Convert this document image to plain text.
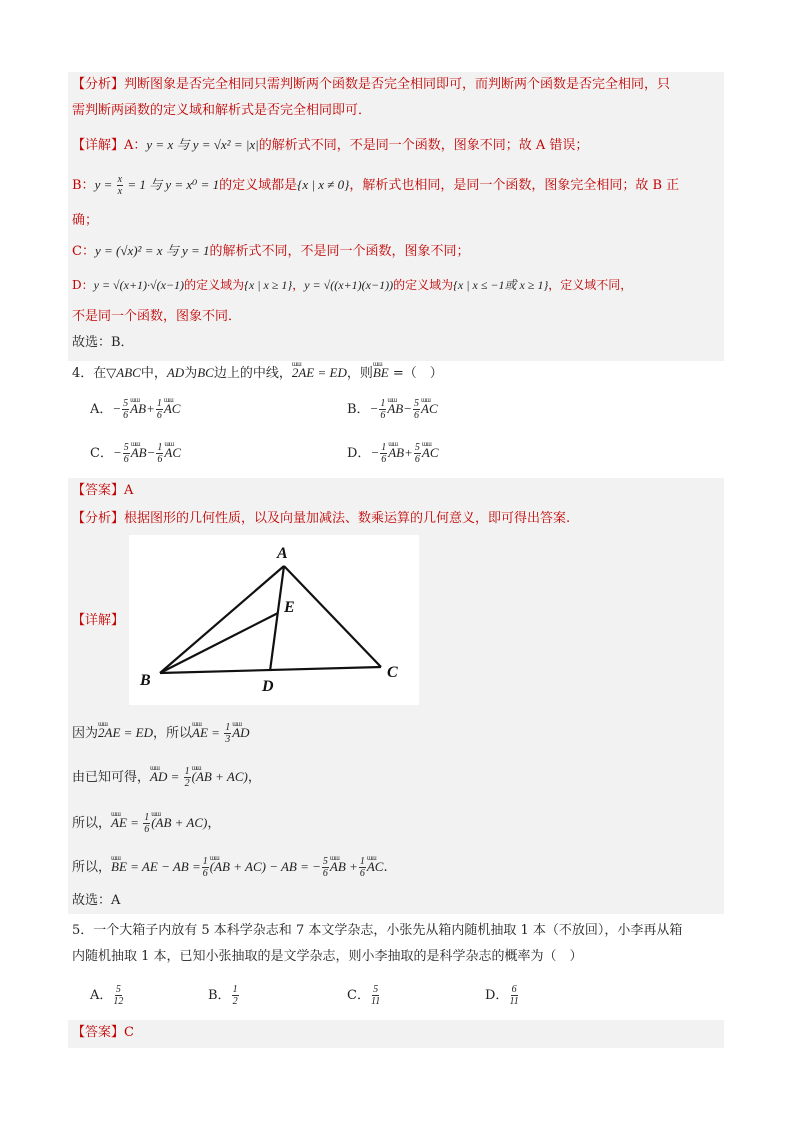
【分析】判断图象是否完全相同只需判断两个函数是否完全相同即可，而判断两个函数是否完全相同，只
需判断两函数的定义域和解析式是否完全相同即可．
【详解】A：y = x 与 y = √x² = |x|的解析式不同，不是同一个函数，图象不同；故 A 错误；
B：$y = \frac{x}{x} = 1$ 与 y = x⁰ = 1的定义域都是{x | x ≠ 0}，解析式也相同，是同一个函数，图象完全相同；故 B 正
确；
C：y = (√x)² = x 与 y = 1的解析式不同，不是同一个函数，图象不同；
D：y = √(x+1)·√(x−1)的定义域为{x | x ≥ 1}，y = √((x+1)(x−1))的定义域为{x | x ≤ −1或 x ≥ 1}，定义域不同，
不是同一个函数，图象不同．
故选：B．
4．在▽ABC中，AD为BC边上的中线，ɯɯ 2AE = ED，则ɯɯ BE =（　）
A．− $\frac{5}{6}$ ɯɯ $AB+ \frac{1}{6}$ ɯɯ AC	B．− $\frac{1}{6}$ ɯɯ $AB- \frac{5}{6}$ ɯɯ AC
C．− $\frac{5}{6}$ ɯɯ $AB- \frac{1}{6}$ ɯɯ AC	D．− $\frac{1}{6}$ ɯɯ $AB+ \frac{5}{6}$ ɯɯ AC
【答案】A
【分析】根据图形的几何性质，以及向量加减法、数乘运算的几何意义，即可得出答案.
【详解】
A
B	C
D
E
因为ɯɯ 2AE = ED，所以ɯɯ AE = $\frac{1}{3}$ ɯɯ AD
由已知可得，ɯɯ AD = $\frac{1}{2}$ ɯɯ (AB + AC)，
所以，ɯɯ AE = $\frac{1}{6}$ ɯɯ (AB + AC)，
所以，ɯɯ BE = AE − AB = $\frac{1}{6}$ ɯɯ (AB + AC) − AB = − $\frac{5}{6}$ ɯɯ AB + $\frac{1}{6}$ ɯɯ AC.
故选：A
5．一个大箱子内放有 5 本科学杂志和 7 本文学杂志，小张先从箱内随机抽取 1 本（不放回），小李再从箱
内随机抽取 1 本，已知小张抽取的是文学杂志，则小李抽取的是科学杂志的概率为（　）
A． $\frac{5}{12}$	B． $\frac{1}{2}$	C． $\frac{5}{11}$	D． $\frac{6}{11}$
【答案】C
